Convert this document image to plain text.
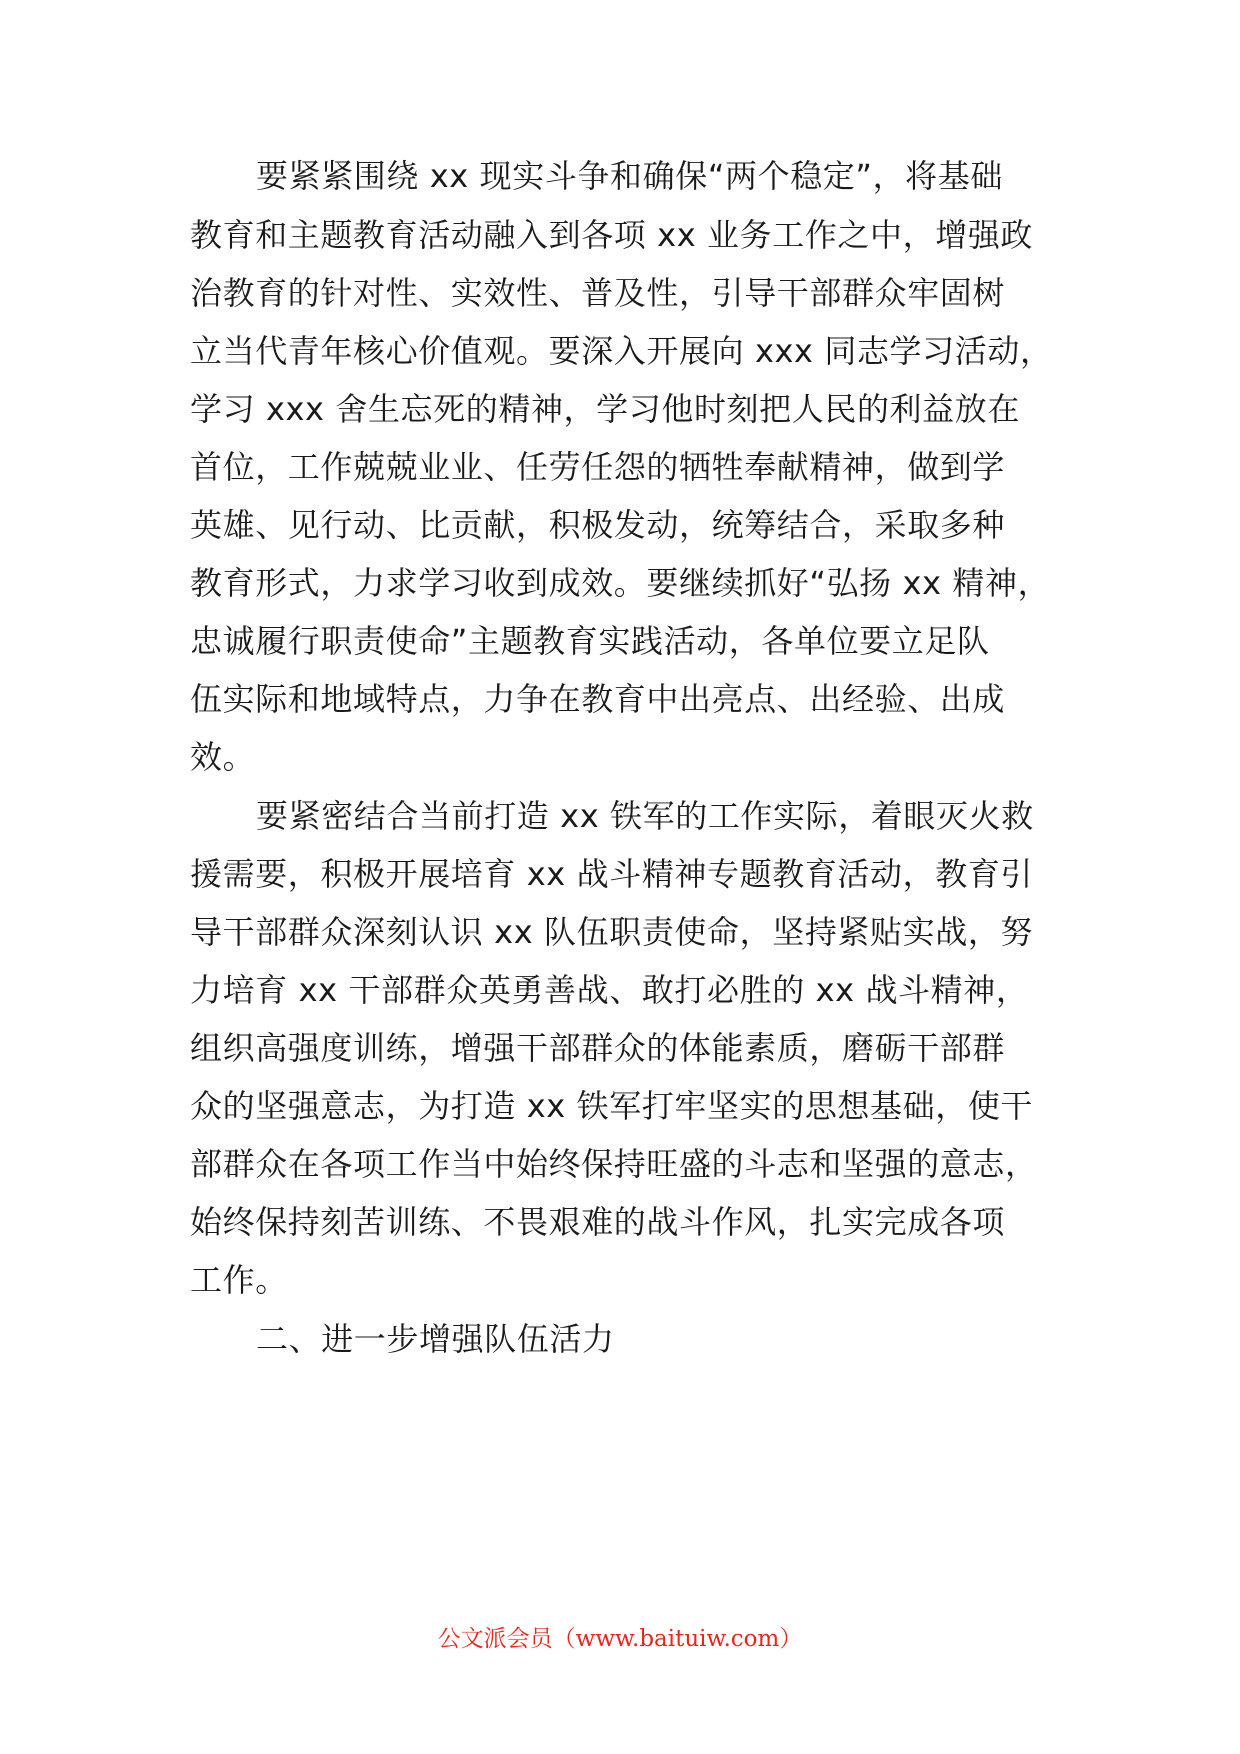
要紧紧围绕 xx 现实斗争和确保“两个稳定”，将基础

教育和主题教育活动融入到各项 xx 业务工作之中，增强政

治教育的针对性、实效性、普及性，引导干部群众牢固树

立当代青年核心价值观。要深入开展向 xxx 同志学习活动，

学习 xxx 舍生忘死的精神，学习他时刻把人民的利益放在

首位，工作兢兢业业、任劳任怨的牺牲奉献精神，做到学

英雄、见行动、比贡献，积极发动，统筹结合，采取多种

教育形式，力求学习收到成效。要继续抓好“弘扬 xx 精神，

忠诚履行职责使命”主题教育实践活动，各单位要立足队

伍实际和地域特点，力争在教育中出亮点、出经验、出成

效。

要紧密结合当前打造 xx 铁军的工作实际，着眼灭火救

援需要，积极开展培育 xx 战斗精神专题教育活动，教育引

导干部群众深刻认识 xx 队伍职责使命，坚持紧贴实战，努

力培育 xx 干部群众英勇善战、敢打必胜的 xx 战斗精神，

组织高强度训练，增强干部群众的体能素质，磨砺干部群

众的坚强意志，为打造 xx 铁军打牢坚实的思想基础，使干

部群众在各项工作当中始终保持旺盛的斗志和坚强的意志，

始终保持刻苦训练、不畏艰难的战斗作风，扎实完成各项

工作。

二、进一步增强队伍活力

公文派会员（www.baituiw.com）
